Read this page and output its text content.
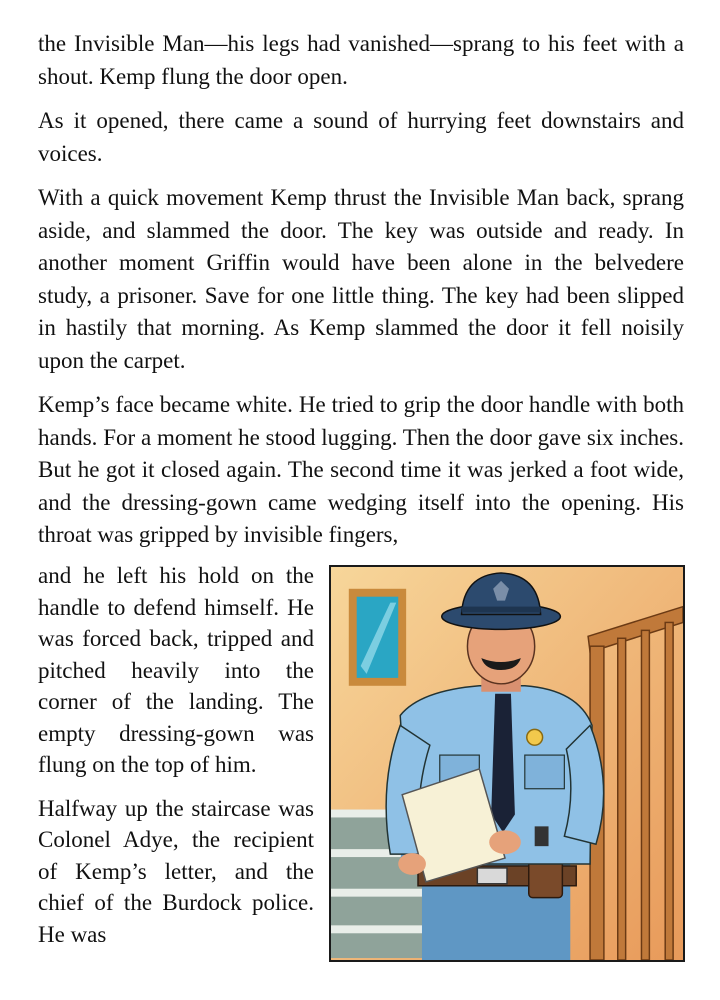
the Invisible Man—his legs had vanished—sprang to his feet with a shout. Kemp flung the door open.

As it opened, there came a sound of hurrying feet downstairs and voices.

With a quick movement Kemp thrust the Invisible Man back, sprang aside, and slammed the door. The key was outside and ready. In another moment Griffin would have been alone in the belvedere study, a prisoner. Save for one little thing. The key had been slipped in hastily that morning. As Kemp slammed the door it fell noisily upon the carpet.

Kemp’s face became white. He tried to grip the door handle with both hands. For a moment he stood lugging. Then the door gave six inches. But he got it closed again. The second time it was jerked a foot wide, and the dressing-gown came wedging itself into the opening. His throat was gripped by invisible fingers,

and he left his hold on the handle to defend himself. He was forced back, tripped and pitched heavily into the corner of the landing. The empty dressing-gown was flung on the top of him.

Halfway up the staircase was Colonel Adye, the recipient of Kemp’s letter, and the chief of the Burdock police. He was
